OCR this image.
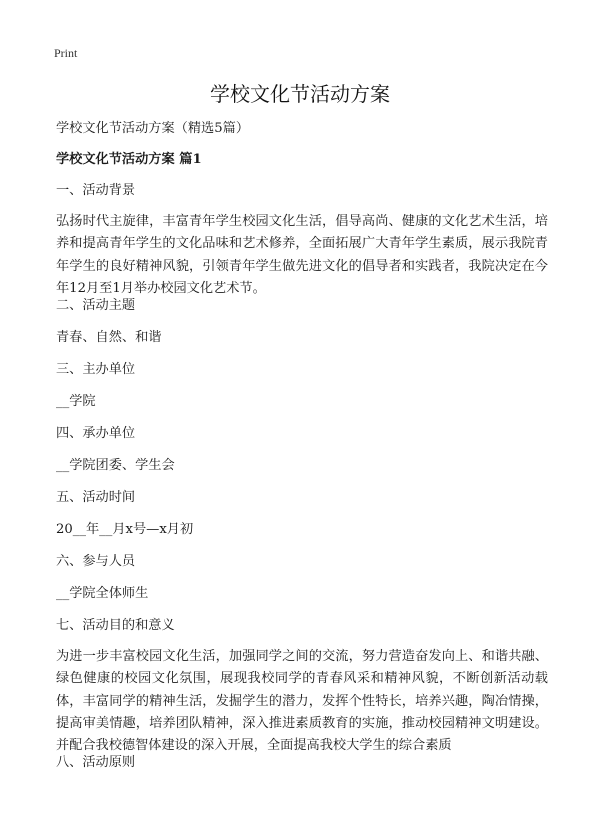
Print
学校文化节活动方案

学校文化节活动方案（精选5篇）

学校文化节活动方案 篇1

一、活动背景

弘扬时代主旋律，丰富青年学生校园文化生活，倡导高尚、健康的文化艺术生活，培养和提高青年学生的文化品味和艺术修养，全面拓展广大青年学生素质，展示我院青年学生的良好精神风貌，引领青年学生做先进文化的倡导者和实践者，我院决定在今年12月至1月举办校园文化艺术节。

二、活动主题

青春、自然、和谐

三、主办单位

__学院

四、承办单位

__学院团委、学生会

五、活动时间

20__年__月x号—x月初

六、参与人员

__学院全体师生

七、活动目的和意义

为进一步丰富校园文化生活，加强同学之间的交流，努力营造奋发向上、和谐共融、绿色健康的校园文化氛围，展现我校同学的青春风采和精神风貌，不断创新活动载体，丰富同学的精神生活，发掘学生的潜力，发挥个性特长，培养兴趣，陶冶情操，提高审美情趣，培养团队精神，深入推进素质教育的实施，推动校园精神文明建设。并配合我校德智体建设的深入开展，全面提高我校大学生的综合素质

八、活动原则
